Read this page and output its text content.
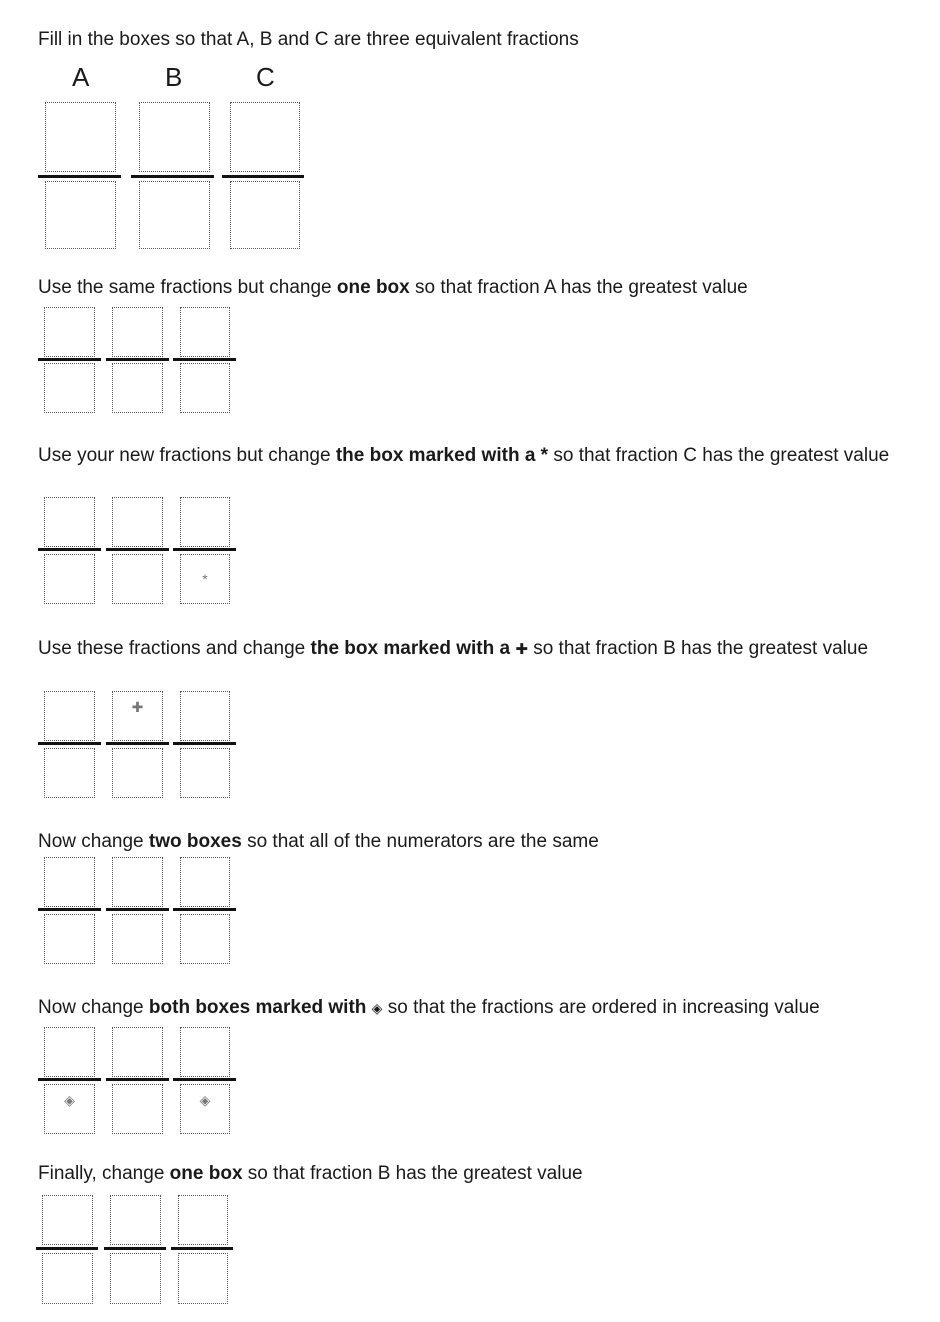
Fill in the boxes so that A, B and C are three equivalent fractions

A	B	C

Use the same fractions but change one box so that fraction A has the greatest value

Use your new fractions but change the box marked with a * so that fraction C has the greatest value

*

Use these fractions and change the box marked with a ✚ so that fraction B has the greatest value

✚

Now change two boxes so that all of the numerators are the same

Now change both boxes marked with ◈ so that the fractions are ordered in increasing value

◈	◈

Finally, change one box so that fraction B has the greatest value
